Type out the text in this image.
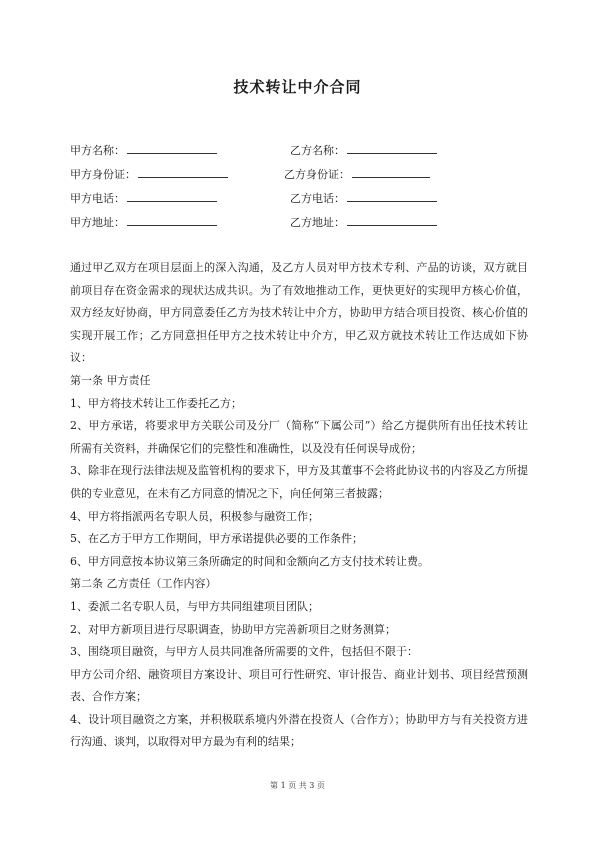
技术转让中介合同
甲方名称：	乙方名称：
甲方身份证：	乙方身份证：
甲方电话：	乙方电话：
甲方地址：	乙方地址：

通过甲乙双方在项目层面上的深入沟通，及乙方人员对甲方技术专利、产品的访谈，双方就目前项目存在资金需求的现状达成共识。为了有效地推动工作，更快更好的实现甲方核心价值，双方经友好协商，甲方同意委任乙方为技术转让中介方，协助甲方结合项目投资、核心价值的实现开展工作；乙方同意担任甲方之技术转让中介方，甲乙双方就技术转让工作达成如下协议：

第一条 甲方责任

1、甲方将技术转让工作委托乙方；

2、甲方承诺，将要求甲方关联公司及分厂（简称“下属公司”）给乙方提供所有出任技术转让所需有关资料，并确保它们的完整性和准确性，以及没有任何误导成份；

3、除非在现行法律法规及监管机构的要求下，甲方及其董事不会将此协议书的内容及乙方所提供的专业意见，在未有乙方同意的情况之下，向任何第三者披露；

4、甲方将指派两名专职人员，积极参与融资工作；

5、在乙方于甲方工作期间，甲方承诺提供必要的工作条件；

6、甲方同意按本协议第三条所确定的时间和金额向乙方支付技术转让费。

第二条 乙方责任（工作内容）

1、委派二名专职人员，与甲方共同组建项目团队；

2、对甲方新项目进行尽职调查，协助甲方完善新项目之财务测算；

3、围绕项目融资，与甲方人员共同准备所需要的文件，包括但不限于：

甲方公司介绍、融资项目方案设计、项目可行性研究、审计报告、商业计划书、项目经营预测表、合作方案；

4、设计项目融资之方案，并积极联系境内外潜在投资人（合作方）；协助甲方与有关投资方进行沟通、谈判，以取得对甲方最为有利的结果；

第 1 页 共 3 页
